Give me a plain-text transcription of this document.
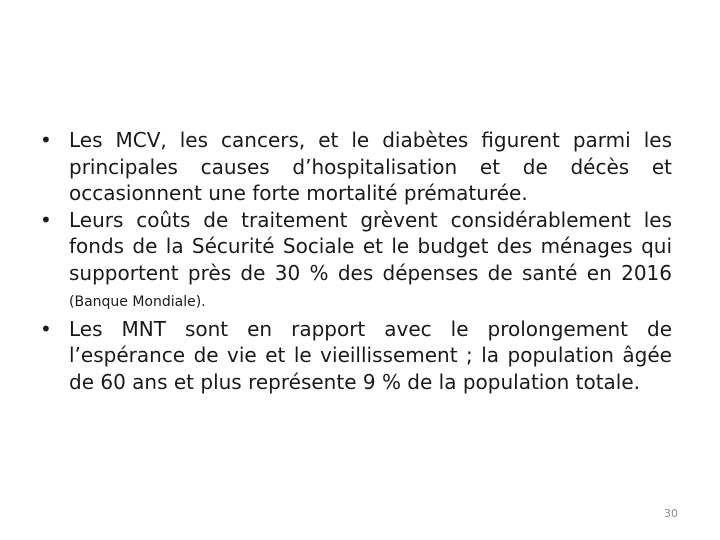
• Les MCV, les cancers, et le diabètes figurent parmi les principales causes d’hospitalisation et de décès et occasionnent une forte mortalité prématurée.
• Leurs coûts de traitement grèvent considérablement les fonds de la Sécurité Sociale et le budget des ménages qui supportent près de 30 % des dépenses de santé en 2016 (Banque Mondiale).
• Les MNT sont en rapport avec le prolongement de l’espérance de vie et le vieillissement ; la population âgée de 60 ans et plus représente 9 % de la population totale.
30
